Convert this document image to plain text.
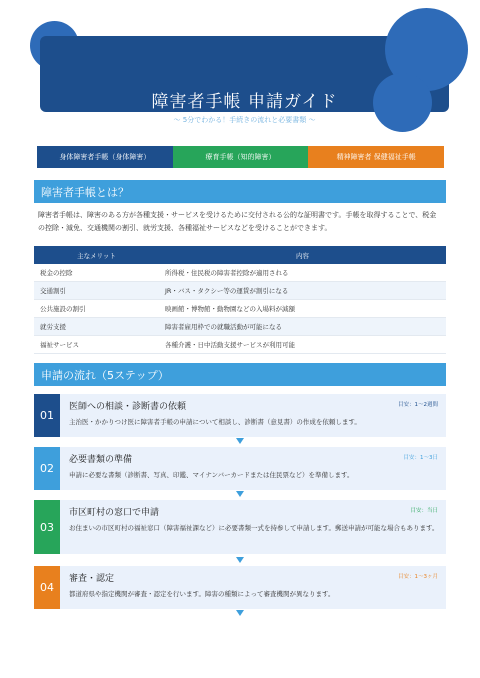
障害者手帳 申請ガイド
〜 5分でわかる！手続きの流れと必要書類 〜
身体障害者手帳（身体障害）	療育手帳（知的障害）	精神障害者 保健福祉手帳
障害者手帳とは？

障害者手帳は、障害のある方が各種支援・サービスを受けるために交付される公的な証明書です。手帳を取得することで、税金の控除・減免、交通機関の割引、就労支援、各種福祉サービスなどを受けることができます。

主なメリット	内容
税金の控除	所得税・住民税の障害者控除が適用される
交通割引	JR・バス・タクシー等の運賃が割引になる
公共施設の割引	映画館・博物館・動物園などの入場料が減額
就労支援	障害者雇用枠での就職活動が可能になる
福祉サービス	各種介護・日中活動支援サービスが利用可能
申請の流れ（5ステップ）
01
医師への相談・診断書の依頼	目安：1〜2週間

主治医・かかりつけ医に障害者手帳の申請について相談し、診断書（意見書）の作成を依頼します。

02
必要書類の準備	目安：1〜3日

申請に必要な書類（診断書、写真、印鑑、マイナンバーカードまたは住民票など）を準備します。

03
市区町村の窓口で申請	目安：当日

お住まいの市区町村の福祉窓口（障害福祉課など）に必要書類一式を持参して申請します。郵送申請が可能な場合もあります。

04
審査・認定	目安：1〜3ヶ月

都道府県や指定機関が審査・認定を行います。障害の種類によって審査機関が異なります。
